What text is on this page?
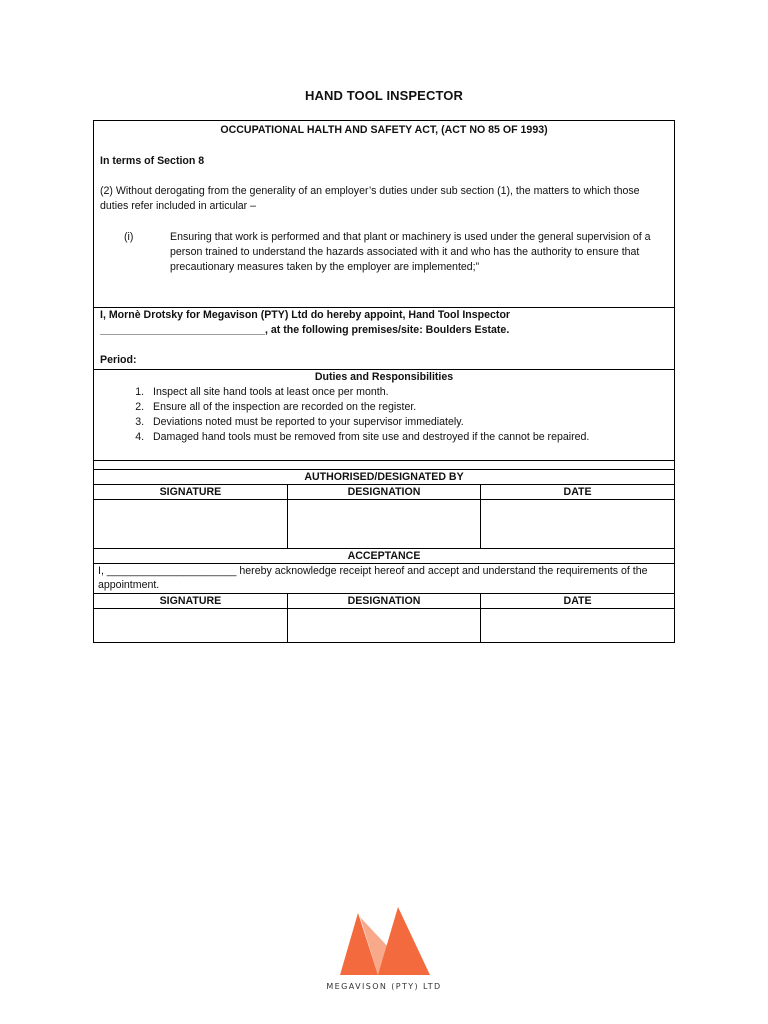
HAND TOOL INSPECTOR
OCCUPATIONAL HALTH AND SAFETY ACT, (ACT NO 85 OF 1993)
In terms of Section 8
(2) Without derogating from the generality of an employer’s duties under sub section (1), the matters to which those duties refer included in articular –
(i)	Ensuring that work is performed and that plant or machinery is used under the general supervision of a person trained to understand the hazards associated with it and who has the authority to ensure that precautionary measures taken by the employer are implemented;”
I, Mornè Drotsky for Megavison (PTY) Ltd do hereby appoint, Hand Tool Inspector
____________________________, at the following premises/site: Boulders Estate.
Period:
Duties and Responsibilities
1. Inspect all site hand tools at least once per month.
2. Ensure all of the inspection are recorded on the register.
3. Deviations noted must be reported to your supervisor immediately.
4. Damaged hand tools must be removed from site use and destroyed if the cannot be repaired.
AUTHORISED/DESIGNATED BY		
SIGNATURE	DESIGNATION	DATE

ACCEPTANCE		
I, ______________________ hereby acknowledge receipt hereof and accept and understand the requirements of the appointment.		
SIGNATURE	DESIGNATION	DATE

MEGAVISON (PTY) LTD
